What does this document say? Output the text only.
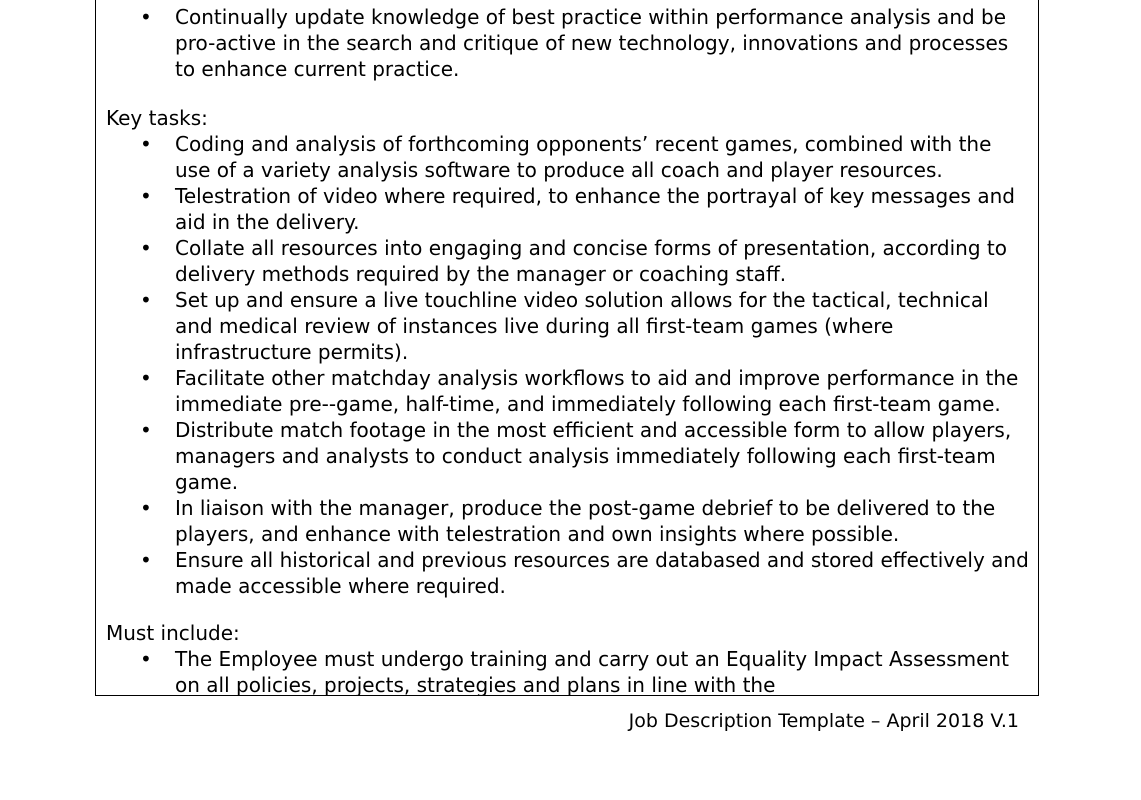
• Continually update knowledge of best practice within performance analysis and be pro-active in the search and critique of new technology, innovations and processes to enhance current practice.
Key tasks:
• Coding and analysis of forthcoming opponents’ recent games, combined with the use of a variety analysis software to produce all coach and player resources.
• Telestration of video where required, to enhance the portrayal of key messages and aid in the delivery.
• Collate all resources into engaging and concise forms of presentation, according to delivery methods required by the manager or coaching staff.
• Set up and ensure a live touchline video solution allows for the tactical, technical and medical review of instances live during all first-team games (where infrastructure permits).
• Facilitate other matchday analysis workflows to aid and improve performance in the immediate pre--game, half-time, and immediately following each first-team game.
• Distribute match footage in the most efficient and accessible form to allow players, managers and analysts to conduct analysis immediately following each first-team game.
• In liaison with the manager, produce the post-game debrief to be delivered to the players, and enhance with telestration and own insights where possible.
• Ensure all historical and previous resources are databased and stored effectively and made accessible where required.
Must include:
• The Employee must undergo training and carry out an Equality Impact Assessment on all policies, projects, strategies and plans in line with the
Job Description Template – April 2018 V.1
